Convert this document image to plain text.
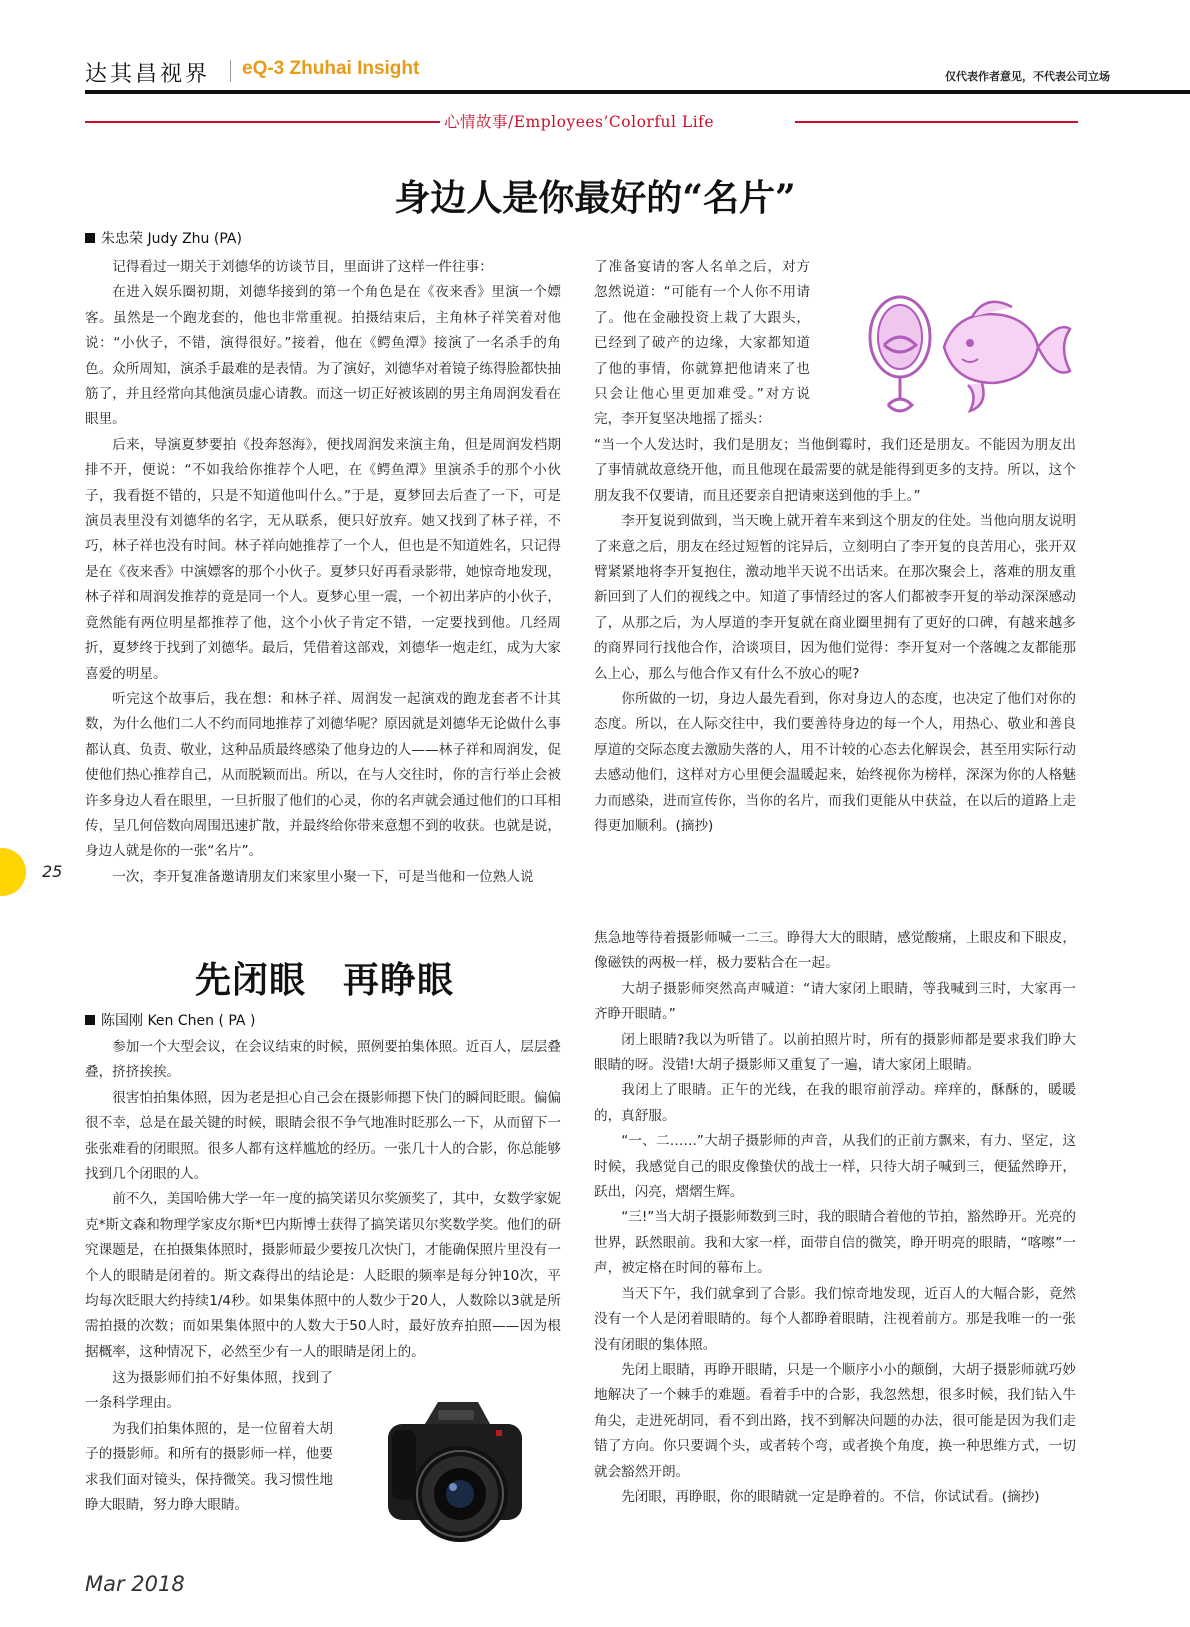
达其昌视界 eQ-3 Zhuhai Insight	仅代表作者意见，不代表公司立场
心情故事/Employees’Colorful Life
身边人是你最好的“名片”
朱忠荣 Judy Zhu (PA)

记得看过一期关于刘德华的访谈节目，里面讲了这样一件往事：

在进入娱乐圈初期，刘德华接到的第一个角色是在《夜来香》里演一个嫖客。虽然是一个跑龙套的，他也非常重视。拍摄结束后，主角林子祥笑着对他说：“小伙子，不错，演得很好。”接着，他在《鳄鱼潭》接演了一名杀手的角色。众所周知，演杀手最难的是表情。为了演好，刘德华对着镜子练得脸都快抽筋了，并且经常向其他演员虚心请教。而这一切正好被该剧的男主角周润发看在眼里。

后来，导演夏梦要拍《投奔怒海》，便找周润发来演主角，但是周润发档期排不开，便说：“不如我给你推荐个人吧，在《鳄鱼潭》里演杀手的那个小伙子，我看挺不错的，只是不知道他叫什么。”于是，夏梦回去后查了一下，可是演员表里没有刘德华的名字，无从联系，便只好放弃。她又找到了林子祥，不巧，林子祥也没有时间。林子祥向她推荐了一个人，但也是不知道姓名，只记得是在《夜来香》中演嫖客的那个小伙子。夏梦只好再看录影带，她惊奇地发现，林子祥和周润发推荐的竟是同一个人。夏梦心里一震，一个初出茅庐的小伙子，竟然能有两位明星都推荐了他，这个小伙子肯定不错，一定要找到他。几经周折，夏梦终于找到了刘德华。最后，凭借着这部戏，刘德华一炮走红，成为大家喜爱的明星。

听完这个故事后，我在想：和林子祥、周润发一起演戏的跑龙套者不计其数，为什么他们二人不约而同地推荐了刘德华呢？原因就是刘德华无论做什么事都认真、负责、敬业，这种品质最终感染了他身边的人——林子祥和周润发，促使他们热心推荐自己，从而脱颖而出。所以，在与人交往时，你的言行举止会被许多身边人看在眼里，一旦折服了他们的心灵，你的名声就会通过他们的口耳相传，呈几何倍数向周围迅速扩散，并最终给你带来意想不到的收获。也就是说，身边人就是你的一张“名片”。

一次，李开复准备邀请朋友们来家里小聚一下，可是当他和一位熟人说

了准备宴请的客人名单之后，对方忽然说道：“可能有一个人你不用请了。他在金融投资上栽了大跟头，已经到了破产的边缘，大家都知道了他的事情，你就算把他请来了也只会让他心里更加难受。”对方说完，李开复坚决地摇了摇头：

“当一个人发达时，我们是朋友；当他倒霉时，我们还是朋友。不能因为朋友出了事情就故意绕开他，而且他现在最需要的就是能得到更多的支持。所以，这个朋友我不仅要请，而且还要亲自把请柬送到他的手上。”

李开复说到做到，当天晚上就开着车来到这个朋友的住处。当他向朋友说明了来意之后，朋友在经过短暂的诧异后，立刻明白了李开复的良苦用心，张开双臂紧紧地将李开复抱住，激动地半天说不出话来。在那次聚会上，落难的朋友重新回到了人们的视线之中。知道了事情经过的客人们都被李开复的举动深深感动了，从那之后，为人厚道的李开复就在商业圈里拥有了更好的口碑，有越来越多的商界同行找他合作，洽谈项目，因为他们觉得：李开复对一个落魄之友都能那么上心，那么与他合作又有什么不放心的呢?

你所做的一切，身边人最先看到，你对身边人的态度，也决定了他们对你的态度。所以，在人际交往中，我们要善待身边的每一个人，用热心、敬业和善良厚道的交际态度去激励失落的人，用不计较的心态去化解误会，甚至用实际行动去感动他们，这样对方心里便会温暖起来，始终视你为榜样，深深为你的人格魅力而感染，进而宣传你，当你的名片，而我们更能从中获益，在以后的道路上走得更加顺利。(摘抄)

先闭眼　再睁眼
陈国刚 Ken Chen ( PA )

参加一个大型会议，在会议结束的时候，照例要拍集体照。近百人，层层叠叠，挤挤挨挨。

很害怕拍集体照，因为老是担心自己会在摄影师摁下快门的瞬间眨眼。偏偏很不幸，总是在最关键的时候，眼睛会很不争气地准时眨那么一下，从而留下一张张难看的闭眼照。很多人都有这样尴尬的经历。一张几十人的合影，你总能够找到几个闭眼的人。

前不久，美国哈佛大学一年一度的搞笑诺贝尔奖颁奖了，其中，女数学家妮克*斯文森和物理学家皮尔斯*巴内斯博士获得了搞笑诺贝尔奖数学奖。他们的研究课题是，在拍摄集体照时，摄影师最少要按几次快门，才能确保照片里没有一个人的眼睛是闭着的。斯文森得出的结论是：人眨眼的频率是每分钟10次，平均每次眨眼大约持续1/4秒。如果集体照中的人数少于20人，人数除以3就是所需拍摄的次数；而如果集体照中的人数大于50人时，最好放弃拍照——因为根据概率，这种情况下，必然至少有一人的眼睛是闭上的。

这为摄影师们拍不好集体照，找到了一条科学理由。

为我们拍集体照的，是一位留着大胡子的摄影师。和所有的摄影师一样，他要求我们面对镜头，保持微笑。我习惯性地睁大眼睛，努力睁大眼睛。

焦急地等待着摄影师喊一二三。睁得大大的眼睛，感觉酸痛，上眼皮和下眼皮，像磁铁的两极一样，极力要粘合在一起。

大胡子摄影师突然高声喊道：“请大家闭上眼睛，等我喊到三时，大家再一齐睁开眼睛。”

闭上眼睛?我以为听错了。以前拍照片时，所有的摄影师都是要求我们睁大眼睛的呀。没错!大胡子摄影师又重复了一遍，请大家闭上眼睛。

我闭上了眼睛。正午的光线，在我的眼帘前浮动。痒痒的，酥酥的，暖暖的，真舒服。

“一、二……”大胡子摄影师的声音，从我们的正前方飘来，有力、坚定，这时候，我感觉自己的眼皮像蛰伏的战士一样，只待大胡子喊到三，便猛然睁开，跃出，闪亮，熠熠生辉。

“三!”当大胡子摄影师数到三时，我的眼睛合着他的节拍，豁然睁开。光亮的世界，跃然眼前。我和大家一样，面带自信的微笑，睁开明亮的眼睛，“喀嚓”一声，被定格在时间的幕布上。

当天下午，我们就拿到了合影。我们惊奇地发现，近百人的大幅合影，竟然没有一个人是闭着眼睛的。每个人都睁着眼睛，注视着前方。那是我唯一的一张没有闭眼的集体照。

先闭上眼睛，再睁开眼睛，只是一个顺序小小的颠倒，大胡子摄影师就巧妙地解决了一个棘手的难题。看着手中的合影，我忽然想，很多时候，我们钻入牛角尖，走进死胡同，看不到出路，找不到解决问题的办法，很可能是因为我们走错了方向。你只要调个头，或者转个弯，或者换个角度，换一种思维方式，一切就会豁然开朗。

先闭眼，再睁眼，你的眼睛就一定是睁着的。不信，你试试看。(摘抄)

25
Mar 2018
